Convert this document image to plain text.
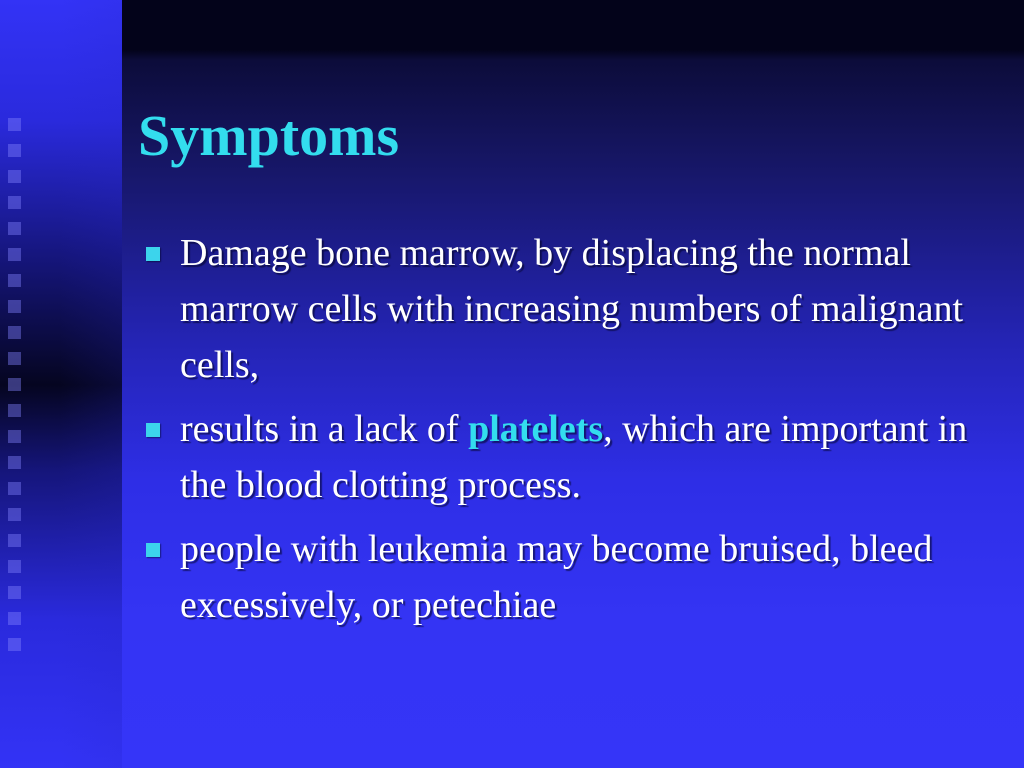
Symptoms
Damage bone marrow, by displacing the normal marrow cells with increasing numbers of malignant cells,
results in a lack of platelets, which are important in the blood clotting process.
people with leukemia may become bruised, bleed excessively, or petechiae
